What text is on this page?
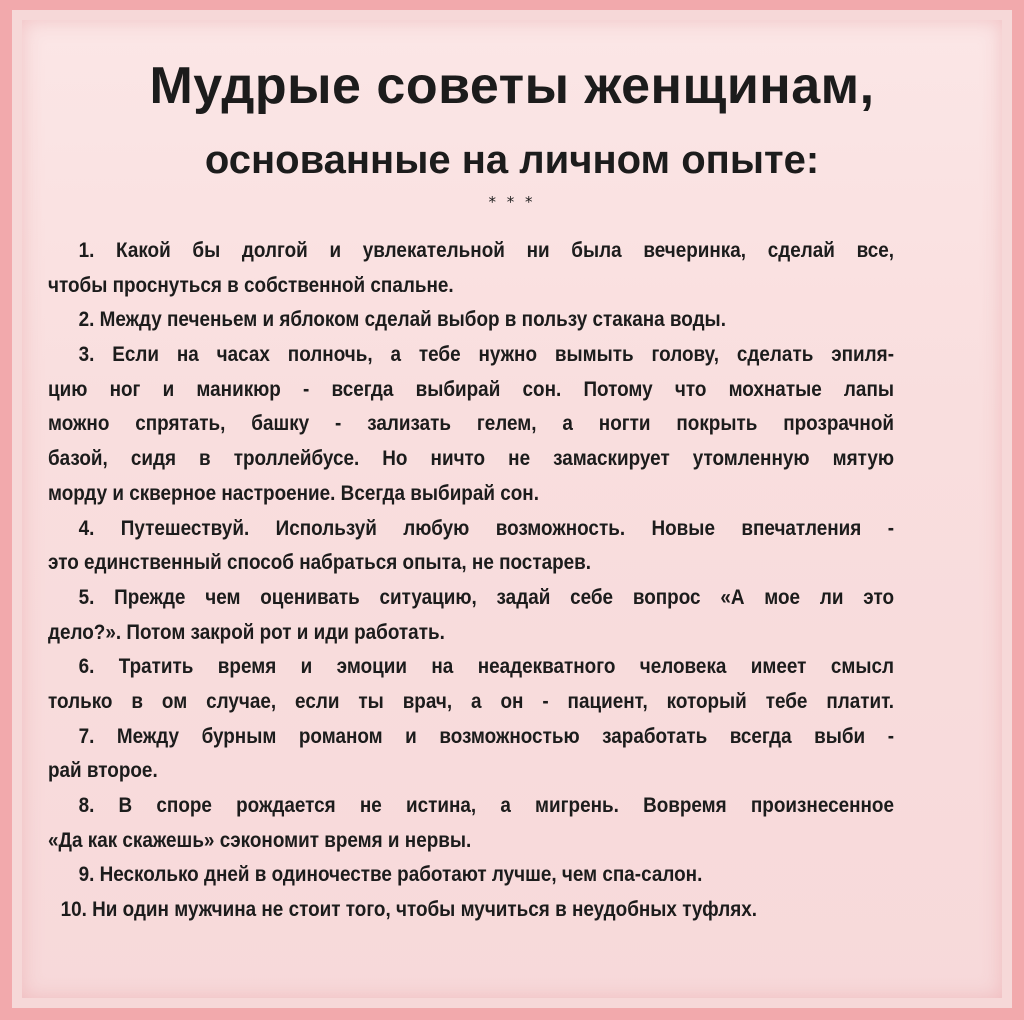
Мудрые советы женщинам,
основанные на личном опыте:
* * *
1. Какой бы долгой и увлекательной ни была вечеринка, сделай все,
чтобы проснуться в собственной спальне.
2. Между печеньем и яблоком сделай выбор в пользу стакана воды.
3. Если на часах полночь, а тебе нужно вымыть голову, сделать эпиля-
цию ног и маникюр - всегда выбирай сон. Потому что мохнатые лапы
можно спрятать, башку - зализать гелем, а ногти покрыть прозрачной
базой, сидя в троллейбусе. Но ничто не замаскирует утомленную мятую
морду и скверное настроение. Всегда выбирай сон.
4. Путешествуй. Используй любую возможность. Новые впечатления -
это единственный способ набраться опыта, не постарев.
5. Прежде чем оценивать ситуацию, задай себе вопрос «А мое ли это
дело?». Потом закрой рот и иди работать.
6. Тратить время и эмоции на неадекватного человека имеет смысл
только в ом случае, если ты врач, а он - пациент, который тебе платит.
7. Между бурным романом и возможностью заработать всегда выби -
рай второе.
8. В споре рождается не истина, а мигрень. Вовремя произнесенное
«Да как скажешь» сэкономит время и нервы.
9. Несколько дней в одиночестве работают лучше, чем спа-салон.
10. Ни один мужчина не стоит того, чтобы мучиться в неудобных туфлях.
